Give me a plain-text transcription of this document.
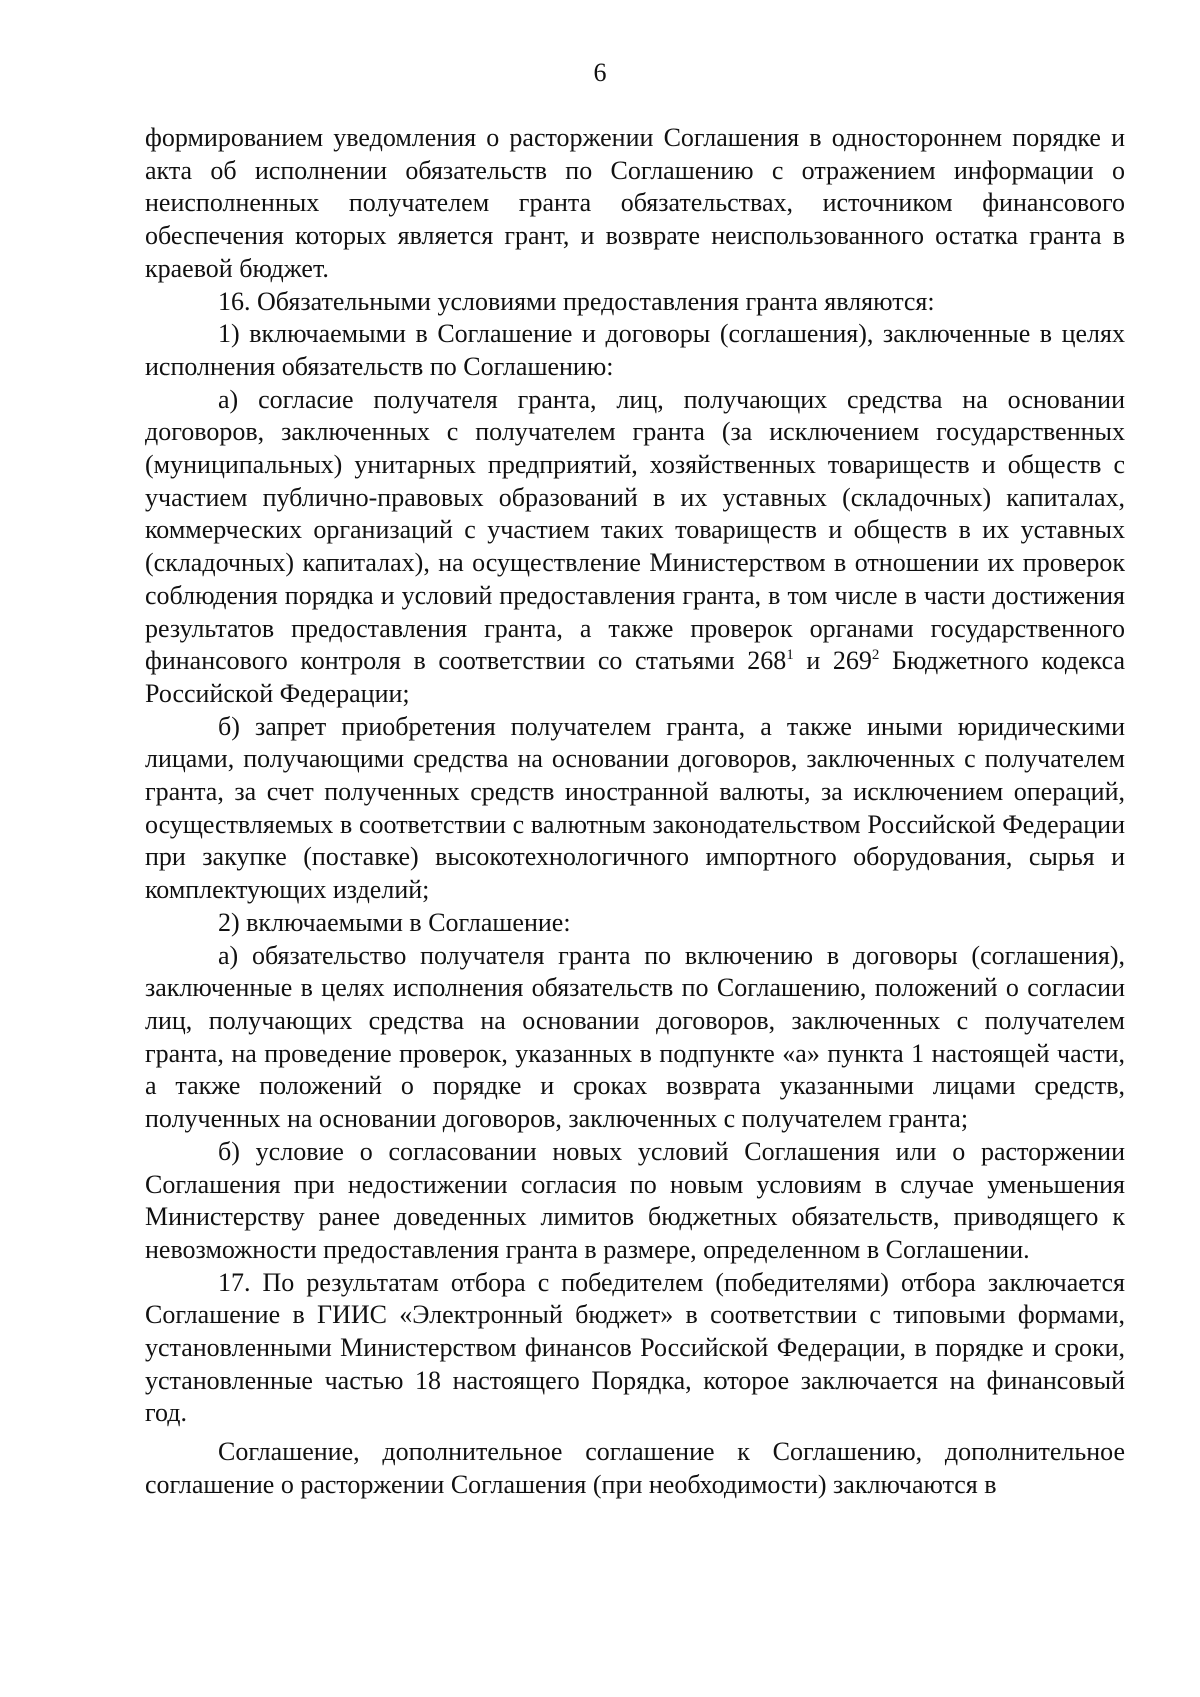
6

формированием уведомления о расторжении Соглашения в одностороннем порядке и акта об исполнении обязательств по Соглашению с отражением информации о неисполненных получателем гранта обязательствах, источником финансового обеспечения которых является грант, и возврате неиспользованного остатка гранта в краевой бюджет.

16. Обязательными условиями предоставления гранта являются:

1) включаемыми в Соглашение и договоры (соглашения), заключенные в целях исполнения обязательств по Соглашению:

а) согласие получателя гранта, лиц, получающих средства на основании договоров, заключенных с получателем гранта (за исключением государственных (муниципальных) унитарных предприятий, хозяйственных товариществ и обществ с участием публично-правовых образований в их уставных (складочных) капиталах, коммерческих организаций с участием таких товариществ и обществ в их уставных (складочных) капиталах), на осуществление Министерством в отношении их проверок соблюдения порядка и условий предоставления гранта, в том числе в части достижения результатов предоставления гранта, а также проверок органами государственного финансового контроля в соответствии со статьями $268^1$ и $269^2$ Бюджетного кодекса Российской Федерации;

б) запрет приобретения получателем гранта, а также иными юридическими лицами, получающими средства на основании договоров, заключенных с получателем гранта, за счет полученных средств иностранной валюты, за исключением операций, осуществляемых в соответствии с валютным законодательством Российской Федерации при закупке (поставке) высокотехнологичного импортного оборудования, сырья и комплектующих изделий;

2) включаемыми в Соглашение:

а) обязательство получателя гранта по включению в договоры (соглашения), заключенные в целях исполнения обязательств по Соглашению, положений о согласии лиц, получающих средства на основании договоров, заключенных с получателем гранта, на проведение проверок, указанных в подпункте «а» пункта 1 настоящей части, а также положений о порядке и сроках возврата указанными лицами средств, полученных на основании договоров, заключенных с получателем гранта;

б) условие о согласовании новых условий Соглашения или о расторжении Соглашения при недостижении согласия по новым условиям в случае уменьшения Министерству ранее доведенных лимитов бюджетных обязательств, приводящего к невозможности предоставления гранта в размере, определенном в Соглашении.

17. По результатам отбора с победителем (победителями) отбора заключается Соглашение в ГИИС «Электронный бюджет» в соответствии с типовыми формами, установленными Министерством финансов Российской Федерации, в порядке и сроки, установленные частью 18 настоящего Порядка, которое заключается на финансовый год.

Соглашение, дополнительное соглашение к Соглашению, дополнительное соглашение о расторжении Соглашения (при необходимости) заключаются в
